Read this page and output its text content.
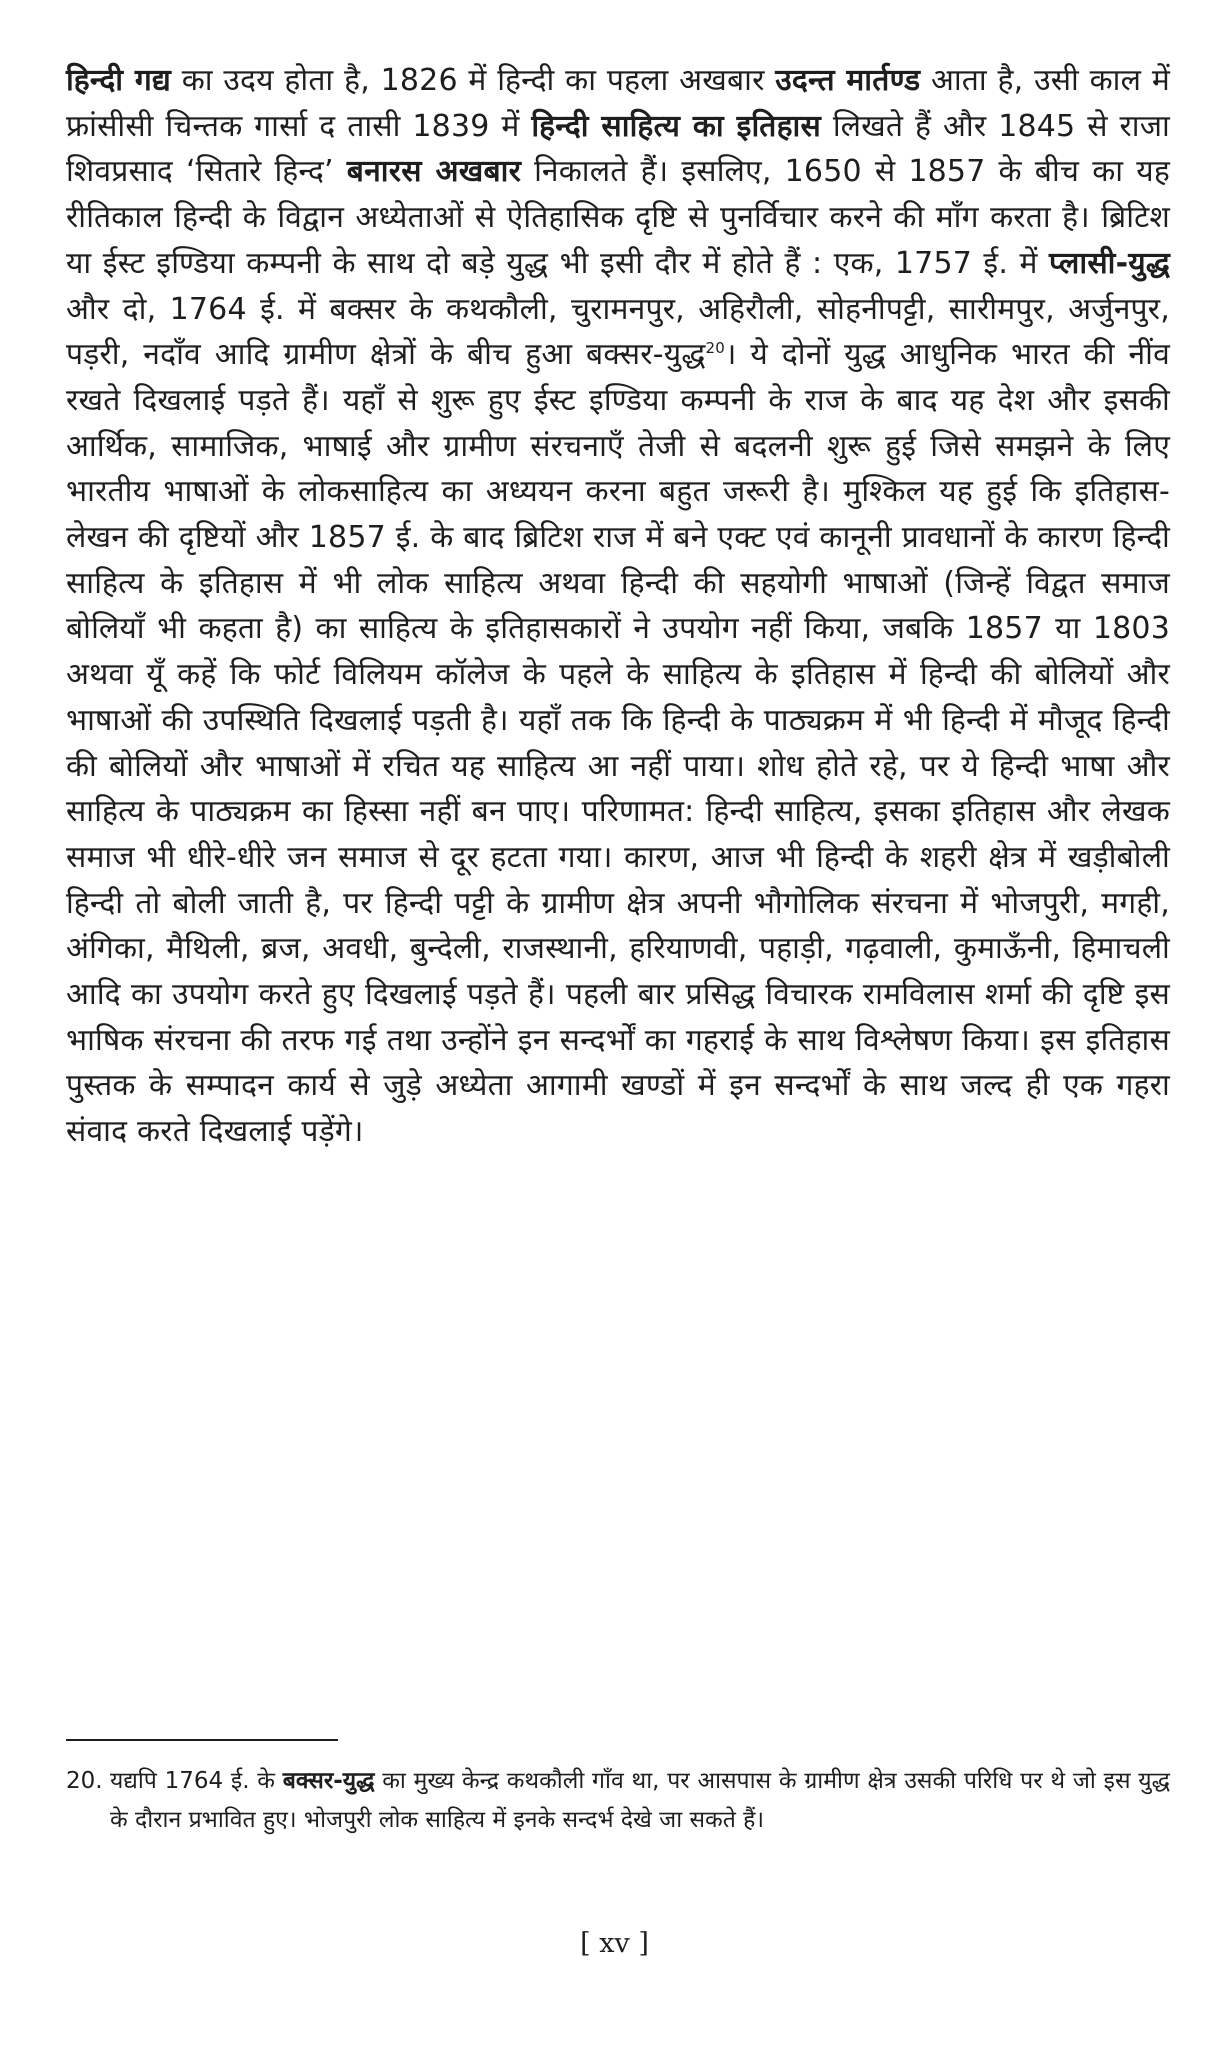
हिन्दी गद्य का उदय होता है, 1826 में हिन्दी का पहला अखबार उदन्त मार्तण्ड आता है, उसी काल में फ्रांसीसी चिन्तक गार्सा द तासी 1839 में हिन्दी साहित्य का इतिहास लिखते हैं और 1845 से राजा शिवप्रसाद ‘सितारे हिन्द’ बनारस अखबार निकालते हैं। इसलिए, 1650 से 1857 के बीच का यह रीतिकाल हिन्दी के विद्वान अध्येताओं से ऐतिहासिक दृष्टि से पुनर्विचार करने की माँग करता है। ब्रिटिश या ईस्ट इण्डिया कम्पनी के साथ दो बड़े युद्ध भी इसी दौर में होते हैं : एक, 1757 ई. में प्लासी-युद्ध और दो, 1764 ई. में बक्सर के कथकौली, चुरामनपुर, अहिरौली, सोहनीपट्टी, सारीमपुर, अर्जुनपुर, पड़री, नदाँव आदि ग्रामीण क्षेत्रों के बीच हुआ बक्सर-युद्ध$^{20}$। ये दोनों युद्ध आधुनिक भारत की नींव रखते दिखलाई पड़ते हैं। यहाँ से शुरू हुए ईस्ट इण्डिया कम्पनी के राज के बाद यह देश और इसकी आर्थिक, सामाजिक, भाषाई और ग्रामीण संरचनाएँ तेजी से बदलनी शुरू हुई जिसे समझने के लिए भारतीय भाषाओं के लोकसाहित्य का अध्ययन करना बहुत जरूरी है। मुश्किल यह हुई कि इतिहास-लेखन की दृष्टियों और 1857 ई. के बाद ब्रिटिश राज में बने एक्ट एवं कानूनी प्रावधानों के कारण हिन्दी साहित्य के इतिहास में भी लोक साहित्य अथवा हिन्दी की सहयोगी भाषाओं (जिन्हें विद्वत समाज बोलियाँ भी कहता है) का साहित्य के इतिहासकारों ने उपयोग नहीं किया, जबकि 1857 या 1803 अथवा यूँ कहें कि फोर्ट विलियम कॉलेज के पहले के साहित्य के इतिहास में हिन्दी की बोलियों और भाषाओं की उपस्थिति दिखलाई पड़ती है। यहाँ तक कि हिन्दी के पाठ्यक्रम में भी हिन्दी में मौजूद हिन्दी की बोलियों और भाषाओं में रचित यह साहित्य आ नहीं पाया। शोध होते रहे, पर ये हिन्दी भाषा और साहित्य के पाठ्यक्रम का हिस्सा नहीं बन पाए। परिणामत: हिन्दी साहित्य, इसका इतिहास और लेखक समाज भी धीरे-धीरे जन समाज से दूर हटता गया। कारण, आज भी हिन्दी के शहरी क्षेत्र में खड़ीबोली हिन्दी तो बोली जाती है, पर हिन्दी पट्टी के ग्रामीण क्षेत्र अपनी भौगोलिक संरचना में भोजपुरी, मगही, अंगिका, मैथिली, ब्रज, अवधी, बुन्देली, राजस्थानी, हरियाणवी, पहाड़ी, गढ़वाली, कुमाऊँनी, हिमाचली आदि का उपयोग करते हुए दिखलाई पड़ते हैं। पहली बार प्रसिद्ध विचारक रामविलास शर्मा की दृष्टि इस भाषिक संरचना की तरफ गई तथा उन्होंने इन सन्दर्भों का गहराई के साथ विश्लेषण किया। इस इतिहास पुस्तक के सम्पादन कार्य से जुड़े अध्येता आगामी खण्डों में इन सन्दर्भों के साथ जल्द ही एक गहरा संवाद करते दिखलाई पड़ेंगे।

20. यद्यपि 1764 ई. के बक्सर-युद्ध का मुख्य केन्द्र कथकौली गाँव था, पर आसपास के ग्रामीण क्षेत्र उसकी परिधि पर थे जो इस युद्ध के दौरान प्रभावित हुए। भोजपुरी लोक साहित्य में इनके सन्दर्भ देखे जा सकते हैं।
[ xv ]
